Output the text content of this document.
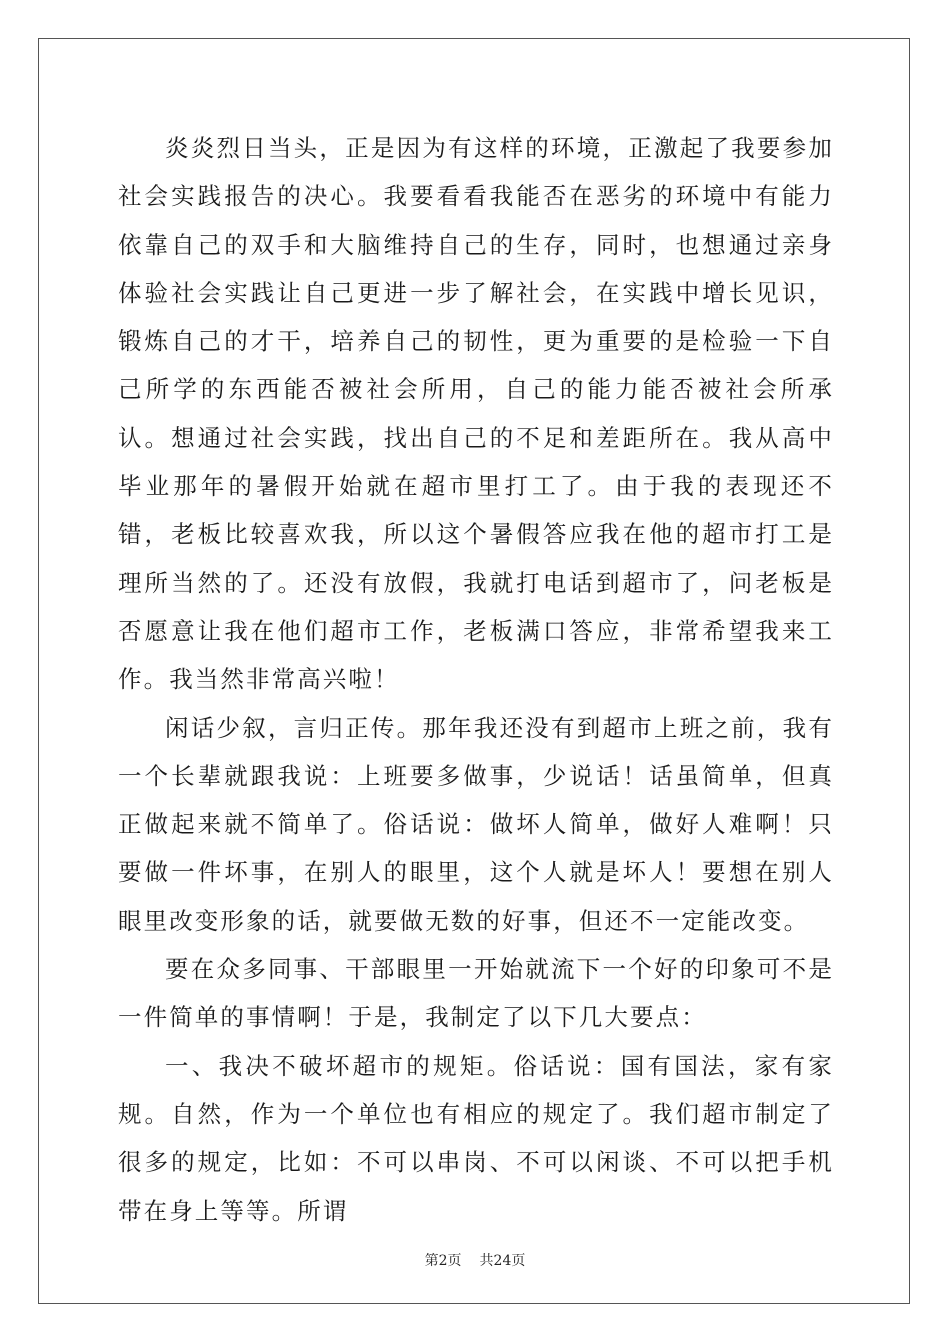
炎炎烈日当头，正是因为有这样的环境，正激起了我要参加社会实践报告的决心。我要看看我能否在恶劣的环境中有能力依靠自己的双手和大脑维持自己的生存，同时，也想通过亲身体验社会实践让自己更进一步了解社会，在实践中增长见识，锻炼自己的才干，培养自己的韧性，更为重要的是检验一下自己所学的东西能否被社会所用，自己的能力能否被社会所承认。想通过社会实践，找出自己的不足和差距所在。我从高中毕业那年的暑假开始就在超市里打工了。由于我的表现还不错，老板比较喜欢我，所以这个暑假答应我在他的超市打工是理所当然的了。还没有放假，我就打电话到超市了，问老板是否愿意让我在他们超市工作，老板满口答应，非常希望我来工作。我当然非常高兴啦！

闲话少叙，言归正传。那年我还没有到超市上班之前，我有一个长辈就跟我说：上班要多做事，少说话！话虽简单，但真正做起来就不简单了。俗话说：做坏人简单，做好人难啊！只要做一件坏事，在别人的眼里，这个人就是坏人！要想在别人眼里改变形象的话，就要做无数的好事，但还不一定能改变。

要在众多同事、干部眼里一开始就流下一个好的印象可不是一件简单的事情啊！于是，我制定了以下几大要点：

一、我决不破坏超市的规矩。俗话说：国有国法，家有家规。自然，作为一个单位也有相应的规定了。我们超市制定了很多的规定，比如：不可以串岗、不可以闲谈、不可以把手机带在身上等等。所谓

第2页 共24页
